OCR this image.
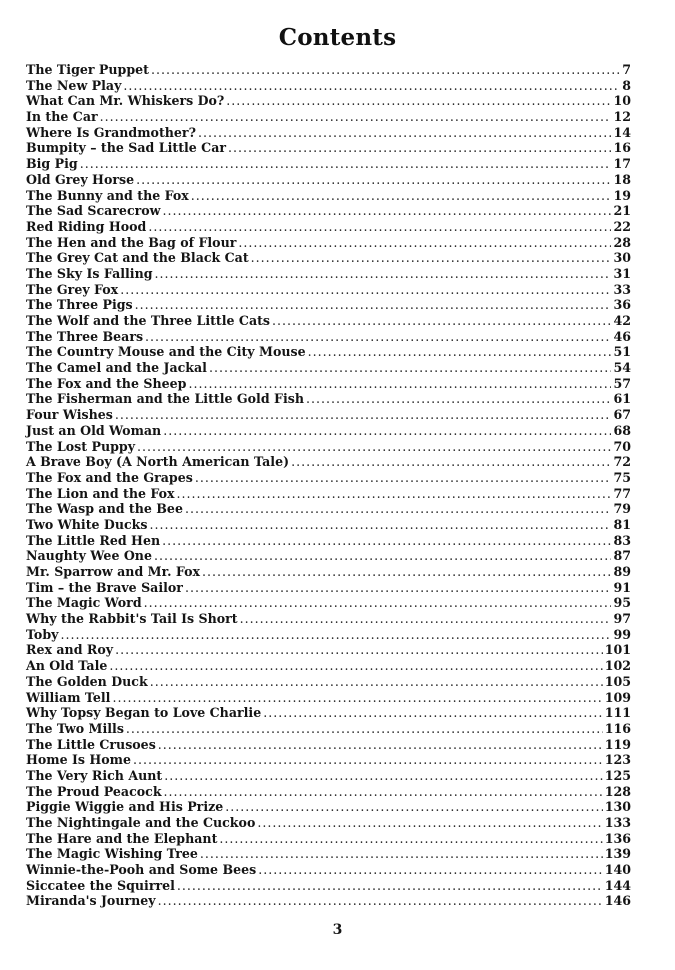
Contents
The Tiger Puppet .....	7
The New Play .....	8
What Can Mr. Whiskers Do? .....	10
In the Car .....	12
Where Is Grandmother? .....	14
Bumpity – the Sad Little Car .....	16
Big Pig .....	17
Old Grey Horse .....	18
The Bunny and the Fox .....	19
The Sad Scarecrow .....	21
Red Riding Hood .....	22
The Hen and the Bag of Flour .....	28
The Grey Cat and the Black Cat .....	30
The Sky Is Falling .....	31
The Grey Fox .....	33
The Three Pigs .....	36
The Wolf and the Three Little Cats .....	42
The Three Bears .....	46
The Country Mouse and the City Mouse .....	51
The Camel and the Jackal .....	54
The Fox and the Sheep .....	57
The Fisherman and the Little Gold Fish .....	61
Four Wishes .....	67
Just an Old Woman .....	68
The Lost Puppy .....	70
A Brave Boy (A North American Tale) .....	72
The Fox and the Grapes .....	75
The Lion and the Fox .....	77
The Wasp and the Bee .....	79
Two White Ducks .....	81
The Little Red Hen .....	83
Naughty Wee One .....	87
Mr. Sparrow and Mr. Fox .....	89
Tim – the Brave Sailor .....	91
The Magic Word .....	95
Why the Rabbit's Tail Is Short .....	97
Toby .....	99
Rex and Roy .....	101
An Old Tale .....	102
The Golden Duck .....	105
William Tell .....	109
Why Topsy Began to Love Charlie .....	111
The Two Mills .....	116
The Little Crusoes .....	119
Home Is Home .....	123
The Very Rich Aunt .....	125
The Proud Peacock .....	128
Piggie Wiggie and His Prize .....	130
The Nightingale and the Cuckoo .....	133
The Hare and the Elephant .....	136
The Magic Wishing Tree .....	139
Winnie-the-Pooh and Some Bees .....	140
Siccatee the Squirrel .....	144
Miranda's Journey .....	146
3
